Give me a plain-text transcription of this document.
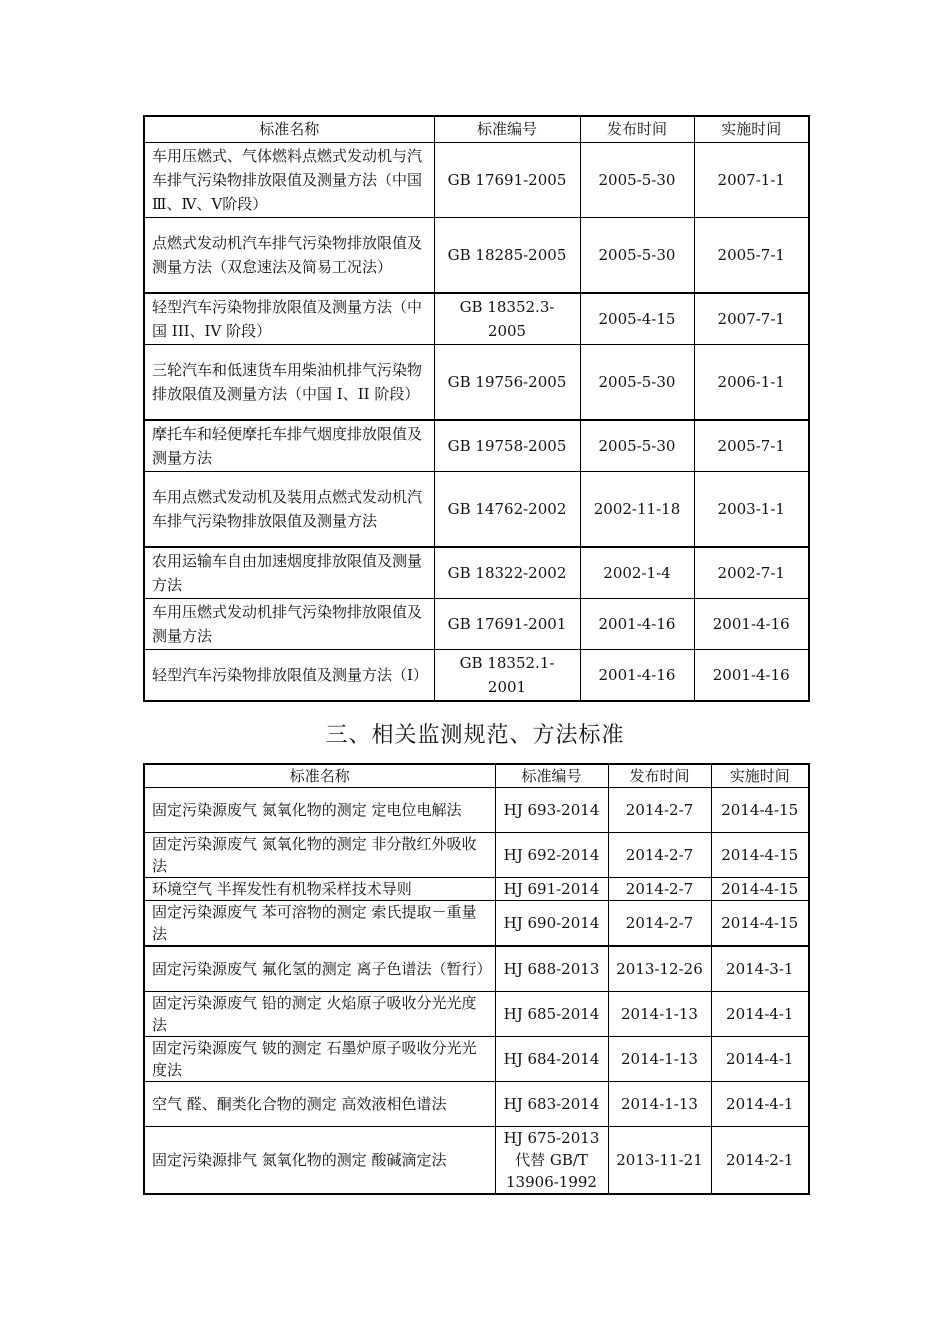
标准名称	标准编号	发布时间	实施时间
车用压燃式、气体燃料点燃式发动机与汽车排气污染物排放限值及测量方法（中国Ⅲ、Ⅳ、Ⅴ阶段）	GB 17691-2005	2005-5-30	2007-1-1
点燃式发动机汽车排气污染物排放限值及测量方法（双怠速法及简易工况法）	GB 18285-2005	2005-5-30	2005-7-1
轻型汽车污染物排放限值及测量方法（中国 III、IV 阶段）	GB 18352.3-2005	2005-4-15	2007-7-1
三轮汽车和低速货车用柴油机排气污染物排放限值及测量方法（中国 I、II 阶段）	GB 19756-2005	2005-5-30	2006-1-1
摩托车和轻便摩托车排气烟度排放限值及测量方法	GB 19758-2005	2005-5-30	2005-7-1
车用点燃式发动机及装用点燃式发动机汽车排气污染物排放限值及测量方法	GB 14762-2002	2002-11-18	2003-1-1
农用运输车自由加速烟度排放限值及测量方法	GB 18322-2002	2002-1-4	2002-7-1
车用压燃式发动机排气污染物排放限值及测量方法	GB 17691-2001	2001-4-16	2001-4-16
轻型汽车污染物排放限值及测量方法（Ⅰ）	GB 18352.1-2001	2001-4-16	2001-4-16
三、相关监测规范、方法标准
标准名称	标准编号	发布时间	实施时间
固定污染源废气 氮氧化物的测定 定电位电解法	HJ 693-2014	2014-2-7	2014-4-15
固定污染源废气 氮氧化物的测定 非分散红外吸收法	HJ 692-2014	2014-2-7	2014-4-15
环境空气 半挥发性有机物采样技术导则	HJ 691-2014	2014-2-7	2014-4-15
固定污染源废气 苯可溶物的测定 索氏提取－重量法	HJ 690-2014	2014-2-7	2014-4-15
固定污染源废气 氟化氢的测定 离子色谱法（暂行）	HJ 688-2013	2013-12-26	2014-3-1
固定污染源废气 铅的测定 火焰原子吸收分光光度法	HJ 685-2014	2014-1-13	2014-4-1
固定污染源废气 铍的测定 石墨炉原子吸收分光光度法	HJ 684-2014	2014-1-13	2014-4-1
空气 醛、酮类化合物的测定 高效液相色谱法	HJ 683-2014	2014-1-13	2014-4-1
固定污染源排气 氮氧化物的测定 酸碱滴定法	HJ 675-2013 代替 GB/T 13906-1992	2013-11-21	2014-2-1
